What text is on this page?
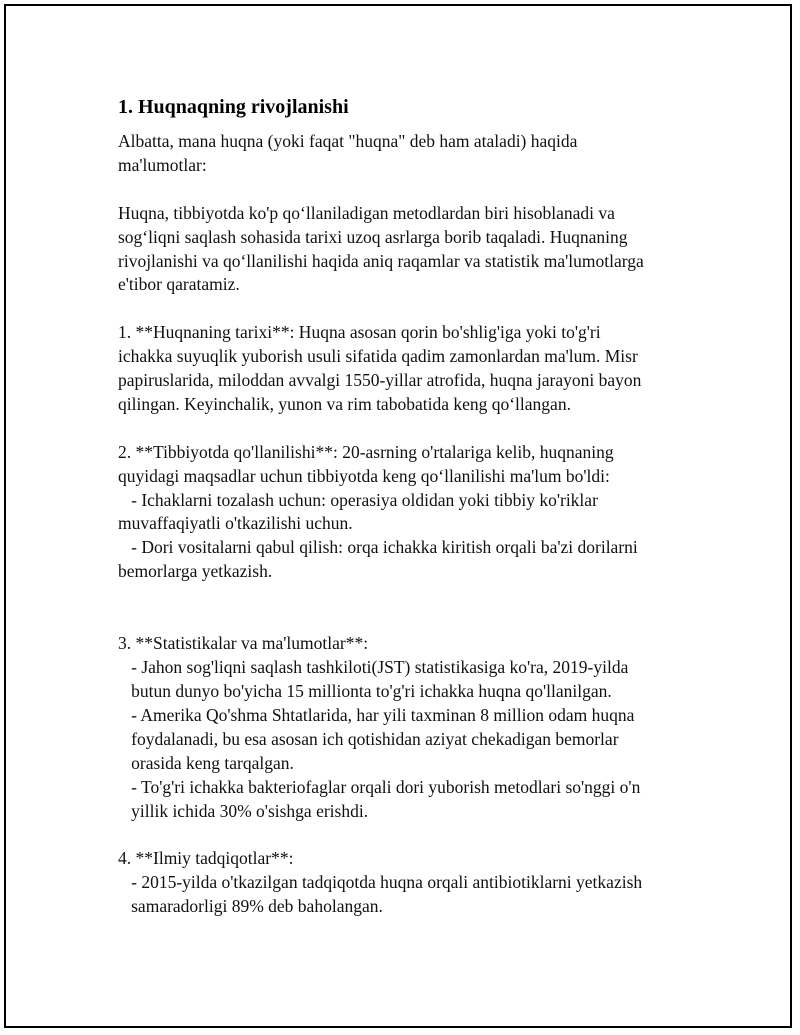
1. Huqnaqning rivojlanishi

Albatta, mana huqna (yoki faqat "huqna" deb ham ataladi) haqida
ma'lumotlar:

Huqna, tibbiyotda ko'p qo‘llaniladigan metodlardan biri hisoblanadi va
sog‘liqni saqlash sohasida tarixi uzoq asrlarga borib taqaladi. Huqnaning
rivojlanishi va qo‘llanilishi haqida aniq raqamlar va statistik ma'lumotlarga
e'tibor qaratamiz.

1. **Huqnaning tarixi**: Huqna asosan qorin bo'shlig'iga yoki to'g'ri
ichakka suyuqlik yuborish usuli sifatida qadim zamonlardan ma'lum. Misr
papiruslarida, miloddan avvalgi 1550-yillar atrofida, huqna jarayoni bayon
qilingan. Keyinchalik, yunon va rim tabobatida keng qo‘llangan.

2. **Tibbiyotda qo'llanilishi**: 20-asrning o'rtalariga kelib, huqnaning
quyidagi maqsadlar uchun tibbiyotda keng qo‘llanilishi ma'lum bo'ldi:
- Ichaklarni tozalash uchun: operasiya oldidan yoki tibbiy ko'riklar
muvaffaqiyatli o'tkazilishi uchun.
- Dori vositalarni qabul qilish: orqa ichakka kiritish orqali ba'zi dorilarni
bemorlarga yetkazish.

3. **Statistikalar va ma'lumotlar**:
- Jahon sog'liqni saqlash tashkiloti(JST) statistikasiga ko'ra, 2019-yilda
butun dunyo bo'yicha 15 millionta to'g'ri ichakka huqna qo'llanilgan.
- Amerika Qo'shma Shtatlarida, har yili taxminan 8 million odam huqna
foydalanadi, bu esa asosan ich qotishidan aziyat chekadigan bemorlar
orasida keng tarqalgan.
- To'g'ri ichakka bakteriofaglar orqali dori yuborish metodlari so'nggi o'n
yillik ichida 30% o'sishga erishdi.

4. **Ilmiy tadqiqotlar**:
- 2015-yilda o'tkazilgan tadqiqotda huqna orqali antibiotiklarni yetkazish
samaradorligi 89% deb baholangan.
